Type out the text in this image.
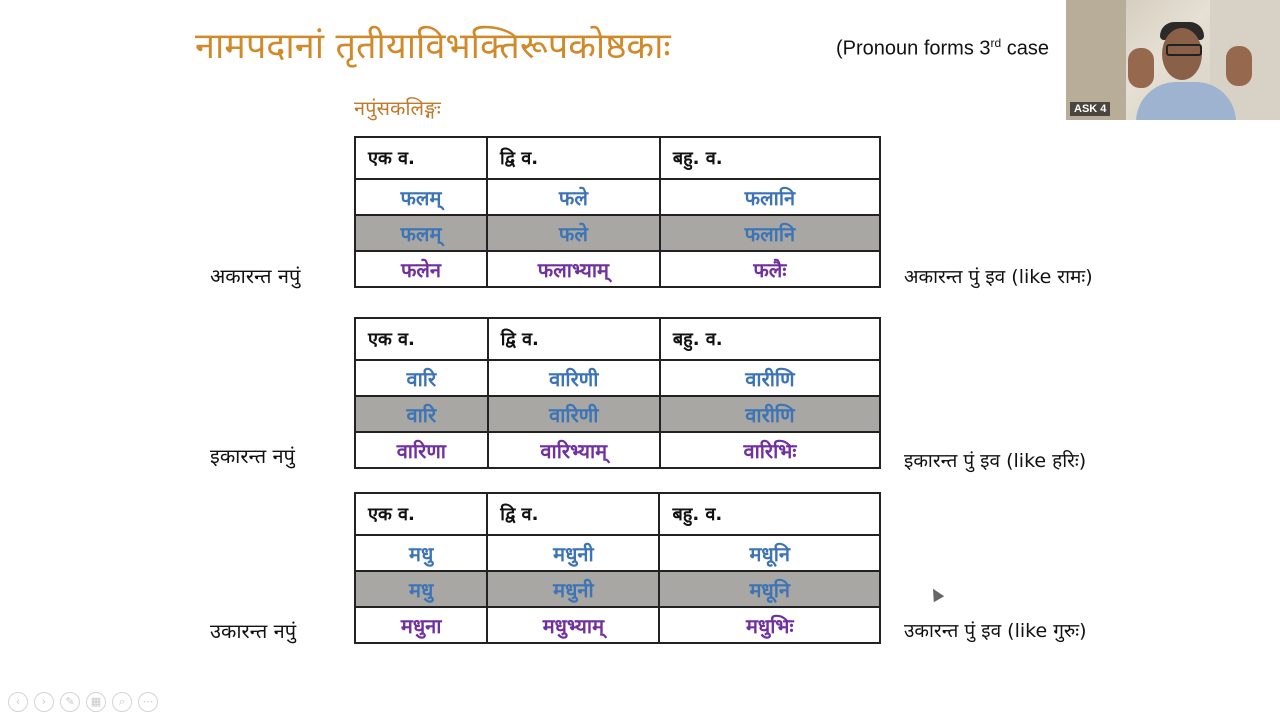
नामपदानां तृतीयाविभक्तिरूपकोष्ठकाः	(Pronoun forms 3rd case
नपुंसकलिङ्गः
एक व.	द्वि व.	बहु. व.
फलम्	फले	फलानि
फलम्	फले	फलानि
फलेन	फलाभ्याम्	फलैः
अकारन्त नपुं	अकारन्त पुं इव (like रामः)
एक व.	द्वि व.	बहु. व.
वारि	वारिणी	वारीणि
वारि	वारिणी	वारीणि
वारिणा	वारिभ्याम्	वारिभिः
इकारन्त नपुं	इकारन्त पुं इव (like हरिः)
एक व.	द्वि व.	बहु. व.
मधु	मधुनी	मधूनि
मधु	मधुनी	मधूनि
मधुना	मधुभ्याम्	मधुभिः
उकारन्त नपुं	उकारन्त पुं इव (like गुरुः)
ASK 4
‹	›	✎	▦	⌕	⋯
